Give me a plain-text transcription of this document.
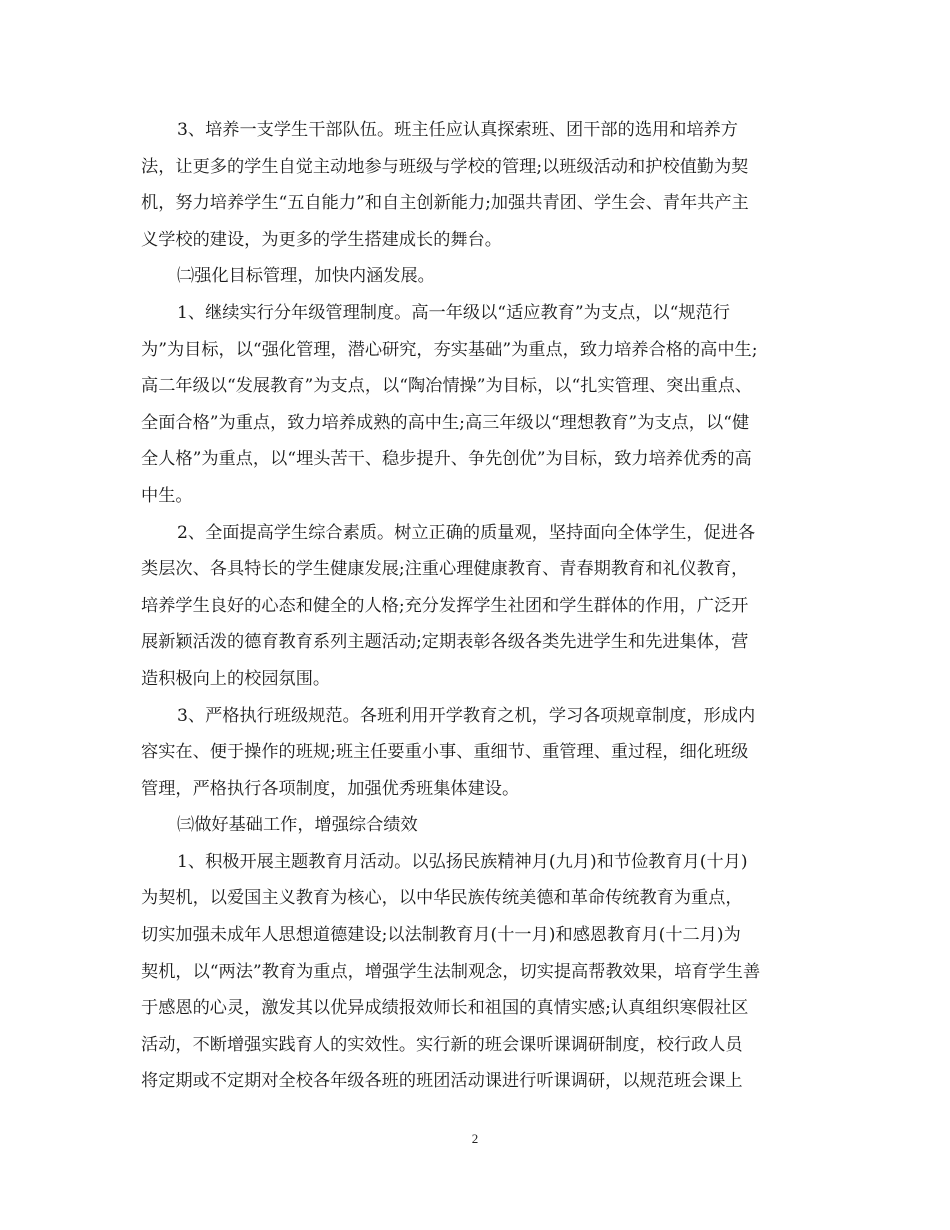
3、培养一支学生干部队伍。班主任应认真探索班、团干部的选用和培养方
法，让更多的学生自觉主动地参与班级与学校的管理;以班级活动和护校值勤为契
机，努力培养学生“五自能力”和自主创新能力;加强共青团、学生会、青年共产主
义学校的建设，为更多的学生搭建成长的舞台。
㈡强化目标管理，加快内涵发展。
1、继续实行分年级管理制度。高一年级以“适应教育”为支点，以“规范行
为”为目标，以“强化管理，潜心研究，夯实基础”为重点，致力培养合格的高中生;
高二年级以“发展教育”为支点，以“陶冶情操”为目标，以“扎实管理、突出重点、
全面合格”为重点，致力培养成熟的高中生;高三年级以“理想教育”为支点，以“健
全人格”为重点，以“埋头苦干、稳步提升、争先创优”为目标，致力培养优秀的高
中生。
2、全面提高学生综合素质。树立正确的质量观，坚持面向全体学生，促进各
类层次、各具特长的学生健康发展;注重心理健康教育、青春期教育和礼仪教育，
培养学生良好的心态和健全的人格;充分发挥学生社团和学生群体的作用，广泛开
展新颖活泼的德育教育系列主题活动;定期表彰各级各类先进学生和先进集体，营
造积极向上的校园氛围。
3、严格执行班级规范。各班利用开学教育之机，学习各项规章制度，形成内
容实在、便于操作的班规;班主任要重小事、重细节、重管理、重过程，细化班级
管理，严格执行各项制度，加强优秀班集体建设。
㈢做好基础工作，增强综合绩效
1、积极开展主题教育月活动。以弘扬民族精神月(九月)和节俭教育月(十月)
为契机，以爱国主义教育为核心，以中华民族传统美德和革命传统教育为重点，
切实加强未成年人思想道德建设;以法制教育月(十一月)和感恩教育月(十二月)为
契机，以“两法”教育为重点，增强学生法制观念，切实提高帮教效果，培育学生善
于感恩的心灵，激发其以优异成绩报效师长和祖国的真情实感;认真组织寒假社区
活动，不断增强实践育人的实效性。实行新的班会课听课调研制度，校行政人员
将定期或不定期对全校各年级各班的班团活动课进行听课调研，以规范班会课上
2
